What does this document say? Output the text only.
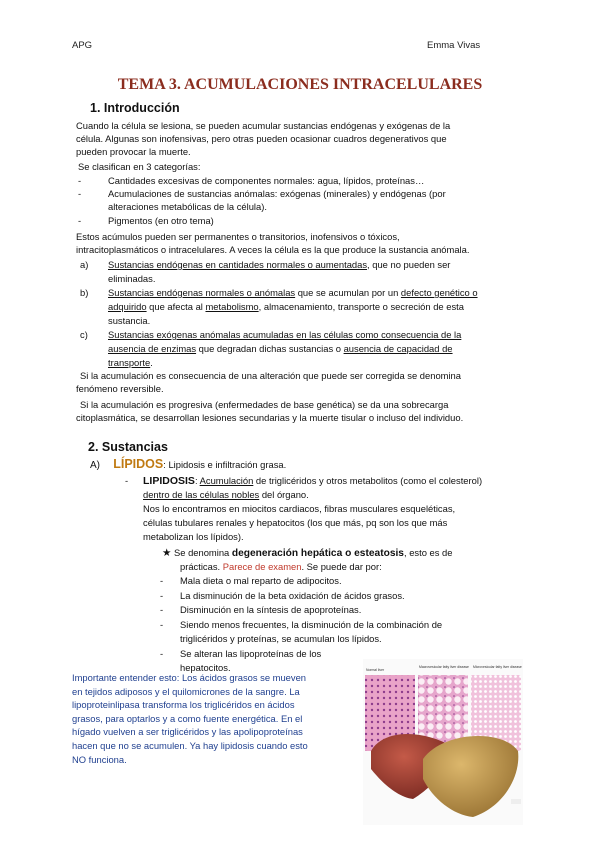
APG	Emma Vivas
TEMA 3. ACUMULACIONES INTRACELULARES
1. Introducción
Cuando la célula se lesiona, se pueden acumular sustancias endógenas y exógenas de la
célula. Algunas son inofensivas, pero otras pueden ocasionar cuadros degenerativos que
pueden provocar la muerte.
Se clasifican en 3 categorías:
-	Cantidades excesivas de componentes normales: agua, lípidos, proteínas…
-	Acumulaciones de sustancias anómalas: exógenas (minerales) y endógenas (por
alteraciones metabólicas de la célula).
-	Pigmentos (en otro tema)
Estos acúmulos pueden ser permanentes o transitorios, inofensivos o tóxicos,
intracitoplasmáticos o intracelulares. A veces la célula es la que produce la sustancia anómala.
a) Sustancias endógenas en cantidades normales o aumentadas, que no pueden ser
eliminadas.
b) Sustancias endógenas normales o anómalas que se acumulan por un defecto genético o
adquirido que afecta al metabolismo, almacenamiento, transporte o secreción de esta
sustancia.
c) Sustancias exógenas anómalas acumuladas en las células como consecuencia de la
ausencia de enzimas que degradan dichas sustancias o ausencia de capacidad de
transporte.
Si la acumulación es consecuencia de una alteración que puede ser corregida se denomina
fenómeno reversible.
Si la acumulación es progresiva (enfermedades de base genética) se da una sobrecarga
citoplasmática, se desarrollan lesiones secundarias y la muerte tisular o incluso del individuo.
2. Sustancias
A) LÍPIDOS: Lipidosis e infiltración grasa.
- LIPIDOSIS: Acumulación de triglicéridos y otros metabolitos (como el colesterol)
dentro de las células nobles del órgano.
Nos lo encontramos en miocitos cardiacos, fibras musculares esqueléticas,
células tubulares renales y hepatocitos (los que más, pq son los que más
metabolizan los lípidos).
★ Se denomina degeneración hepática o esteatosis, esto es de
prácticas. Parece de examen. Se puede dar por:
- Mala dieta o mal reparto de adipocitos.
- La disminución de la beta oxidación de ácidos grasos.
- Disminución en la síntesis de apoproteínas.
- Siendo menos frecuentes, la disminución de la combinación de
triglicéridos y proteínas, se acumulan los lípidos.
- Se alteran las lipoproteínas de los
hepatocitos.
Importante entender esto: Los ácidos grasos se mueven
en tejidos adiposos y el quilomicrones de la sangre. La
lipoproteinlipasa transforma los triglicéridos en ácidos
grasos, para optarlos y a como fuente energética. En el
hígado vuelven a ser triglicéridos y las apolipoproteínas
hacen que no se acumulen. Ya hay lipidosis cuando esto
NO funciona.
Normal liver
Macrovesicular fatty liver disease Microvesicular fatty liver disease
